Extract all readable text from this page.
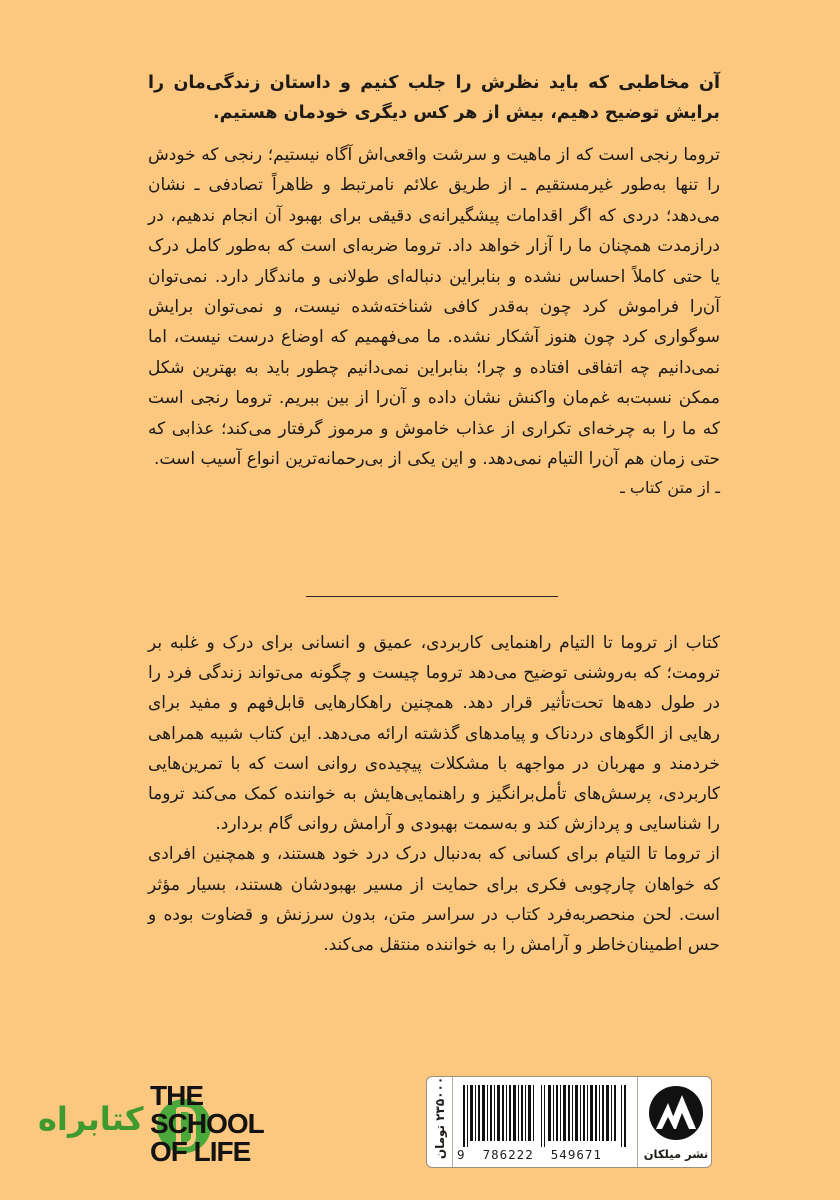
آن مخاطبی که باید نظرش را جلب کنیم و داستان زندگی‌مان را برایش توضیح دهیم، بیش از هر کس دیگری خودمان هستیم.

تروما رنجی است که از ماهیت و سرشت واقعی‌اش آگاه نیستیم؛ رنجی که خودش را تنها به‌طور غیرمستقیم ـ از طریق علائم نامرتبط و ظاهراً تصادفی ـ نشان می‌دهد؛ دردی که اگر اقدامات پیشگیرانه‌ی دقیقی برای بهبود آن انجام ندهیم، در درازمدت همچنان ما را آزار خواهد داد. تروما ضربه‌ای است که به‌طور کامل درک یا حتی کاملاً احساس نشده و بنابراین دنباله‌ای طولانی و ماندگار دارد. نمی‌توان آن‌را فراموش کرد چون به‌قدر کافی شناخته‌شده نیست، و نمی‌توان برایش سوگواری کرد چون هنوز آشکار نشده. ما می‌فهمیم که اوضاع درست نیست، اما نمی‌دانیم چه اتفاقی افتاده و چرا؛ بنابراین نمی‌دانیم چطور باید به بهترین شکل ممکن نسبت‌به غم‌مان واکنش نشان داده و آن‌را از بین ببریم. تروما رنجی است که ما را به چرخه‌ای تکراری از عذاب خاموش و مرموز گرفتار می‌کند؛ عذابی که حتی زمان هم آن‌را التیام نمی‌دهد. و این یکی از بی‌رحمانه‌ترین انواع آسیب است.

ـ از متن کتاب ـ

کتاب از تروما تا التیام راهنمایی کاربردی، عمیق و انسانی برای درک و غلبه بر ترومت؛ که به‌روشنی توضیح می‌دهد تروما چیست و چگونه می‌تواند زندگی فرد را در طول دهه‌ها تحت‌تأثیر قرار دهد. همچنین راهکارهایی قابل‌فهم و مفید برای رهایی از الگوهای دردناک و پیامدهای گذشته ارائه می‌دهد. این کتاب شبیه همراهی خردمند و مهربان در مواجهه با مشکلات پیچیده‌ی روانی است که با تمرین‌هایی کاربردی، پرسش‌های تأمل‌برانگیز و راهنمایی‌هایش به خواننده کمک می‌کند تروما را شناسایی و پردازش کند و به‌سمت بهبودی و آرامش روانی گام بردارد.

از تروما تا التیام برای کسانی که به‌دنبال درک درد خود هستند، و همچنین افرادی که خواهان چارچوبی فکری برای حمایت از مسیر بهبودشان هستند، بسیار مؤثر است. لحن منحصربه‌فرد کتاب در سراسر متن، بدون سرزنش و قضاوت بوده و حس اطمینان‌خاطر و آرامش را به خواننده منتقل می‌کند.

کتابراه
THE
SCHOOL
OF LIFE	۲۳۵۰۰۰ تومان
9  786222  549671	نشر میلکان
